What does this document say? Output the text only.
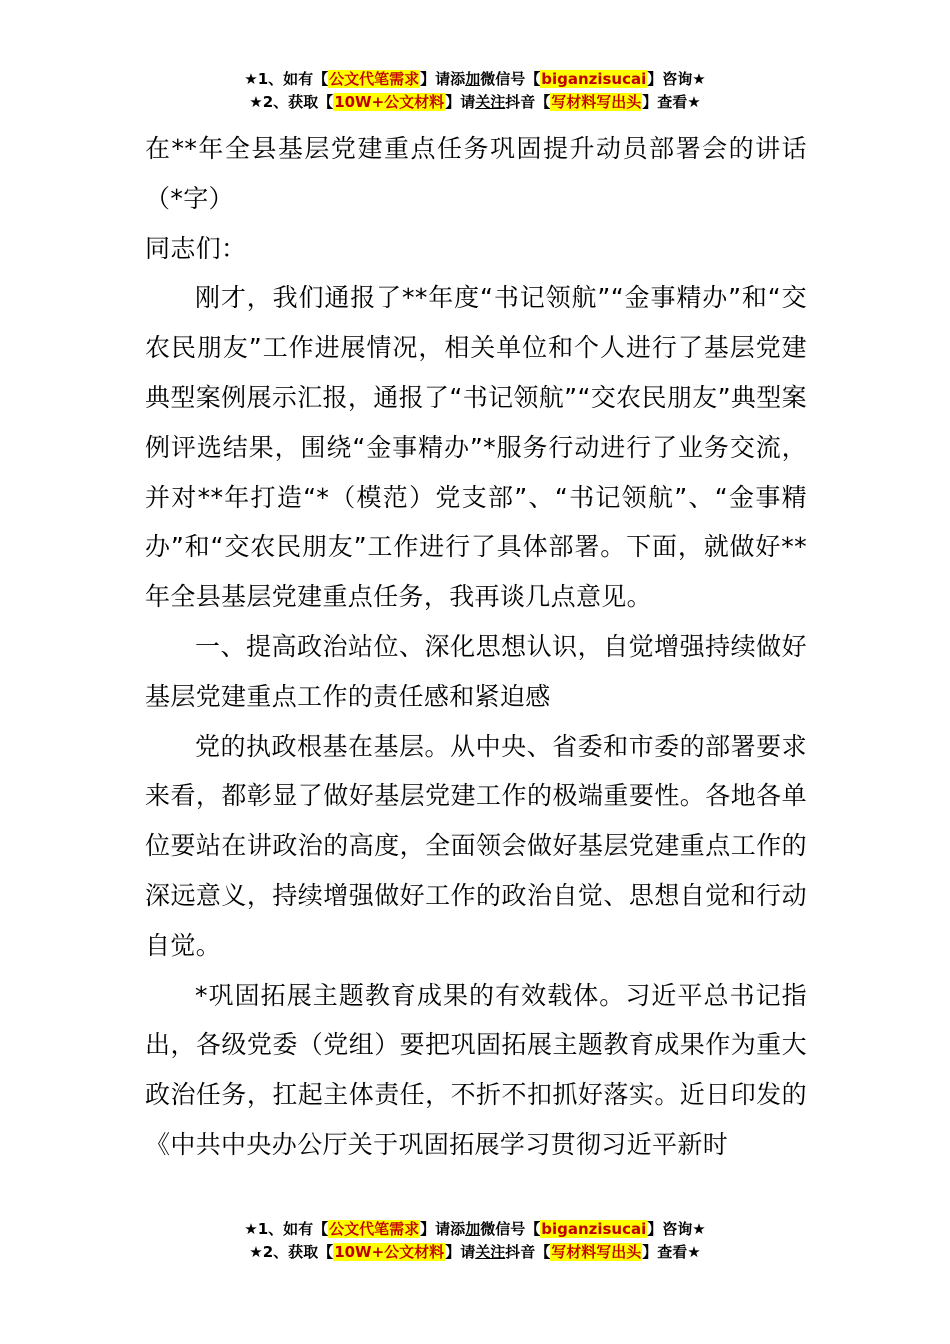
★1、如有【公文代笔需求】请添加微信号【biganzisucai】咨询★
★2、获取【10W+公文材料】请关注抖音【写材料写出头】查看★

在**年全县基层党建重点任务巩固提升动员部署会的讲话（*字）

同志们：

刚才，我们通报了**年度“书记领航”“金事精办”和“交农民朋友”工作进展情况，相关单位和个人进行了基层党建典型案例展示汇报，通报了“书记领航”“交农民朋友”典型案例评选结果，围绕“金事精办”*服务行动进行了业务交流，并对**年打造“*（模范）党支部”、“书记领航”、“金事精办”和“交农民朋友”工作进行了具体部署。下面，就做好**年全县基层党建重点任务，我再谈几点意见。

一、提高政治站位、深化思想认识，自觉增强持续做好基层党建重点工作的责任感和紧迫感

党的执政根基在基层。从中央、省委和市委的部署要求来看，都彰显了做好基层党建工作的极端重要性。各地各单位要站在讲政治的高度，全面领会做好基层党建重点工作的深远意义，持续增强做好工作的政治自觉、思想自觉和行动自觉。

*巩固拓展主题教育成果的有效载体。习近平总书记指出，各级党委（党组）要把巩固拓展主题教育成果作为重大政治任务，扛起主体责任，不折不扣抓好落实。近日印发的《中共中央办公厅关于巩固拓展学习贯彻习近平新时

★1、如有【公文代笔需求】请添加微信号【biganzisucai】咨询★
★2、获取【10W+公文材料】请关注抖音【写材料写出头】查看★
